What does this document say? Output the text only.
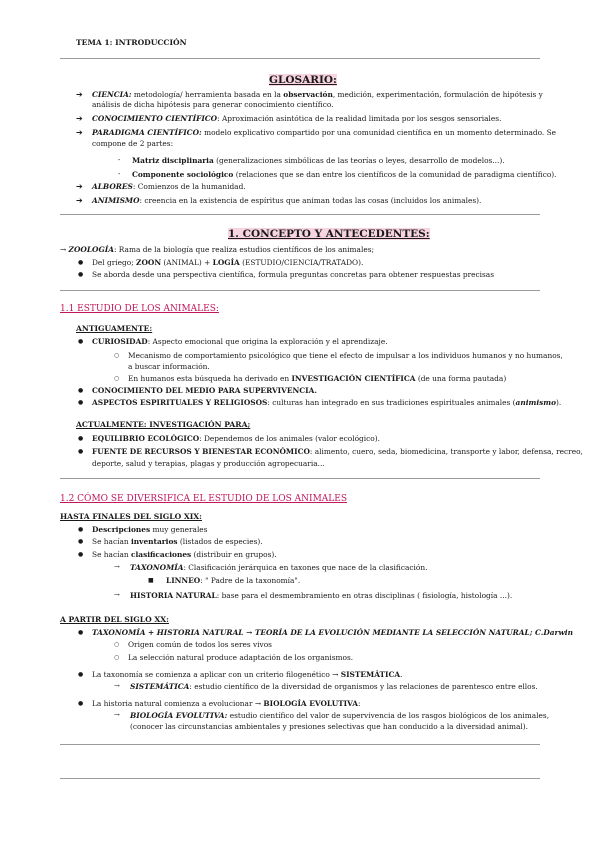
TEMA 1: INTRODUCCIÓN
GLOSARIO:
➔ CIENCIA: metodología/ herramienta basada en la observación, medición, experimentación, formulación de hipótesis y
análisis de dicha hipótesis para generar conocimiento científico.
➔ CONOCIMIENTO CIENTÍFICO: Aproximación asintótica de la realidad limitada por los sesgos sensoriales.
➔ PARADIGMA CIENTÍFICO: modelo explicativo compartido por una comunidad científica en un momento determinado. Se
compone de 2 partes:
- Matriz disciplinaria (generalizaciones simbólicas de las teorías o leyes, desarrollo de modelos...).
- Componente sociológico (relaciones que se dan entre los científicos de la comunidad de paradigma científico).
➔ ALBORES: Comienzos de la humanidad.
➔ ANIMISMO: creencia en la existencia de espíritus que animan todas las cosas (incluidos los animales).
1. CONCEPTO Y ANTECEDENTES:
→ ZOOLOGÍA: Rama de la biología que realiza estudios científicos de los animales;
● Del griego; ZOON (ANIMAL) + LOGÍA (ESTUDIO/CIENCIA/TRATADO).
● Se aborda desde una perspectiva científica, formula preguntas concretas para obtener respuestas precisas
1.1 ESTUDIO DE LOS ANIMALES:
ANTIGUAMENTE:
● CURIOSIDAD: Aspecto emocional que origina la exploración y el aprendizaje.
○ Mecanismo de comportamiento psicológico que tiene el efecto de impulsar a los individuos humanos y no humanos,
a buscar información.
○ En humanos esta búsqueda ha derivado en INVESTIGACIÓN CIENTÍFICA (de una forma pautada)
● CONOCIMIENTO DEL MEDIO PARA SUPERVIVENCIA.
● ASPECTOS ESPIRITUALES Y RELIGIOSOS: culturas han integrado en sus tradiciones espirituales animales (animismo).
ACTUALMENTE: INVESTIGACIÓN PARA;
● EQUILIBRIO ECOLÓGICO: Dependemos de los animales (valor ecológico).
● FUENTE DE RECURSOS Y BIENESTAR ECONÓMICO: alimento, cuero, seda, biomedicina, transporte y labor, defensa, recreo,
deporte, salud y terapias, plagas y producción agropecuaria...
1.2 CÓMO SE DIVERSIFICA EL ESTUDIO DE LOS ANIMALES
HASTA FINALES DEL SIGLO XIX:
● Descripciones muy generales
● Se hacían inventarios (listados de especies).
● Se hacían clasificaciones (distribuir en grupos).
→ TAXONOMÍA: Clasificación jerárquica en taxones que nace de la clasificación.
■ LINNEO: " Padre de la taxonomía".
→ HISTORIA NATURAL: base para el desmembramiento en otras disciplinas ( fisiología, histología ...).
A PARTIR DEL SIGLO XX:
● TAXONOMÍA + HISTORIA NATURAL → TEORÍA DE LA EVOLUCIÓN MEDIANTE LA SELECCIÓN NATURAL; C.Darwin
○ Origen común de todos los seres vivos
○ La selección natural produce adaptación de los organismos.
● La taxonomía se comienza a aplicar con un criterio filogenético → SISTEMÁTICA.
→ SISTEMÁTICA: estudio científico de la diversidad de organismos y las relaciones de parentesco entre ellos.
● La historia natural comienza a evolucionar → BIOLOGÍA EVOLUTIVA:
→ BIOLOGÍA EVOLUTIVA: estudio científico del valor de supervivencia de los rasgos biológicos de los animales,
(conocer las circunstancias ambientales y presiones selectivas que han conducido a la diversidad animal).
